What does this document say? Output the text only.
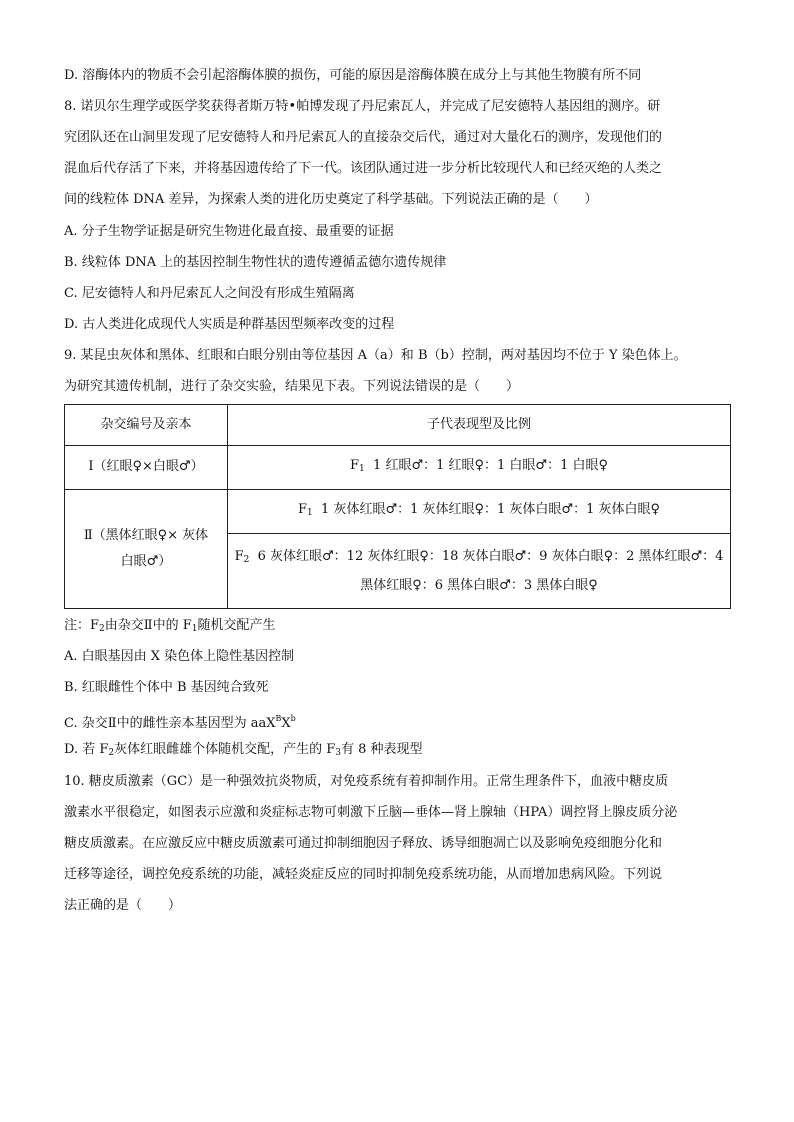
D. 溶酶体内的物质不会引起溶酶体膜的损伤，可能的原因是溶酶体膜在成分上与其他生物膜有所不同
8. 诺贝尔生理学或医学奖获得者斯万特•帕博发现了丹尼索瓦人，并完成了尼安德特人基因组的测序。研
究团队还在山洞里发现了尼安德特人和丹尼索瓦人的直接杂交后代，通过对大量化石的测序，发现他们的
混血后代存活了下来，并将基因遗传给了下一代。该团队通过进一步分析比较现代人和已经灭绝的人类之
间的线粒体 DNA 差异，为探索人类的进化历史奠定了科学基础。下列说法正确的是（　　）
A. 分子生物学证据是研究生物进化最直接、最重要的证据
B. 线粒体 DNA 上的基因控制生物性状的遗传遵循孟德尔遗传规律
C. 尼安德特人和丹尼索瓦人之间没有形成生殖隔离
D. 古人类进化成现代人实质是种群基因型频率改变的过程
9. 某昆虫灰体和黑体、红眼和白眼分别由等位基因 A（a）和 B（b）控制，两对基因均不位于 Y 染色体上。
为研究其遗传机制，进行了杂交实验，结果见下表。下列说法错误的是（　　）
杂交编号及亲本	子代表现型及比例
Ⅰ（红眼♀×白眼♂）	$F_1$ 1 红眼♂：1 红眼♀：1 白眼♂：1 白眼♀

Ⅱ（黑体红眼♀× 灰体
白眼♂）	$F_1$ 1 灰体红眼♂：1 灰体红眼♀：1 灰体白眼♂：1 灰体白眼♀

	$F_2$ 6 灰体红眼♂：12 灰体红眼♀：18 灰体白眼♂：9 灰体白眼♀：2 黑体红眼♂：4
黑体红眼♀：6 黑体白眼♂：3 黑体白眼♀
注：$F_2$由杂交Ⅱ中的 $F_1$随机交配产生
A. 白眼基因由 X 染色体上隐性基因控制
B. 红眼雌性个体中 B 基因纯合致死
C. 杂交Ⅱ中的雌性亲本基因型为 $aaX^BX^b$
D. 若 $F_2$灰体红眼雌雄个体随机交配，产生的 $F_3$有 8 种表现型
10. 糖皮质激素（GC）是一种强效抗炎物质，对免疫系统有着抑制作用。正常生理条件下，血液中糖皮质
激素水平很稳定，如图表示应激和炎症标志物可刺激下丘脑—垂体—肾上腺轴（HPA）调控肾上腺皮质分泌
糖皮质激素。在应激反应中糖皮质激素可通过抑制细胞因子释放、诱导细胞凋亡以及影响免疫细胞分化和
迁移等途径，调控免疫系统的功能，减轻炎症反应的同时抑制免疫系统功能，从而增加患病风险。下列说
法正确的是（　　）
